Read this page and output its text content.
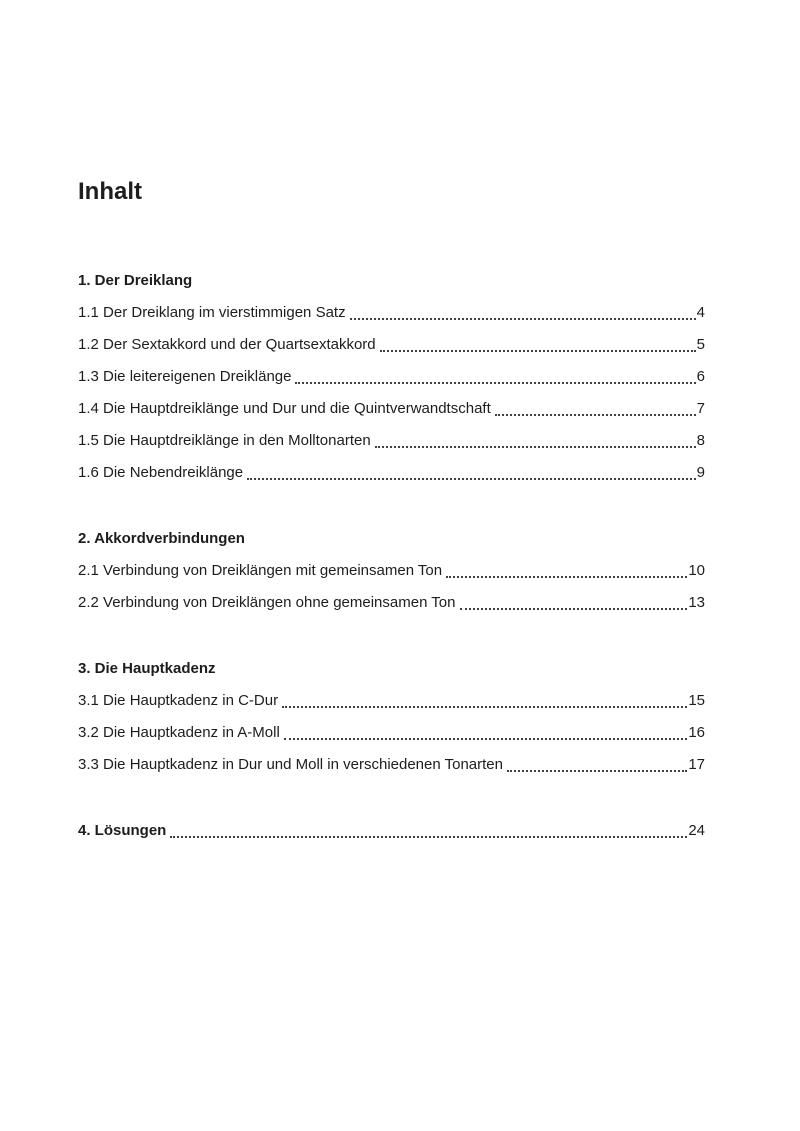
Inhalt
1. Der Dreiklang
1.1 Der Dreiklang im vierstimmigen Satz	4
1.2 Der Sextakkord und der Quartsextakkord	5
1.3 Die leitereigenen Dreiklänge	6
1.4 Die Hauptdreiklänge und Dur und die Quintverwandtschaft	7
1.5 Die Hauptdreiklänge in den Molltonarten	8
1.6 Die Nebendreiklänge	9
2. Akkordverbindungen
2.1 Verbindung von Dreiklängen mit gemeinsamen Ton	10
2.2 Verbindung von Dreiklängen ohne gemeinsamen Ton	13
3. Die Hauptkadenz
3.1 Die Hauptkadenz in C-Dur	15
3.2 Die Hauptkadenz in A-Moll	16
3.3 Die Hauptkadenz in Dur und Moll in verschiedenen Tonarten	17
4. Lösungen	24
